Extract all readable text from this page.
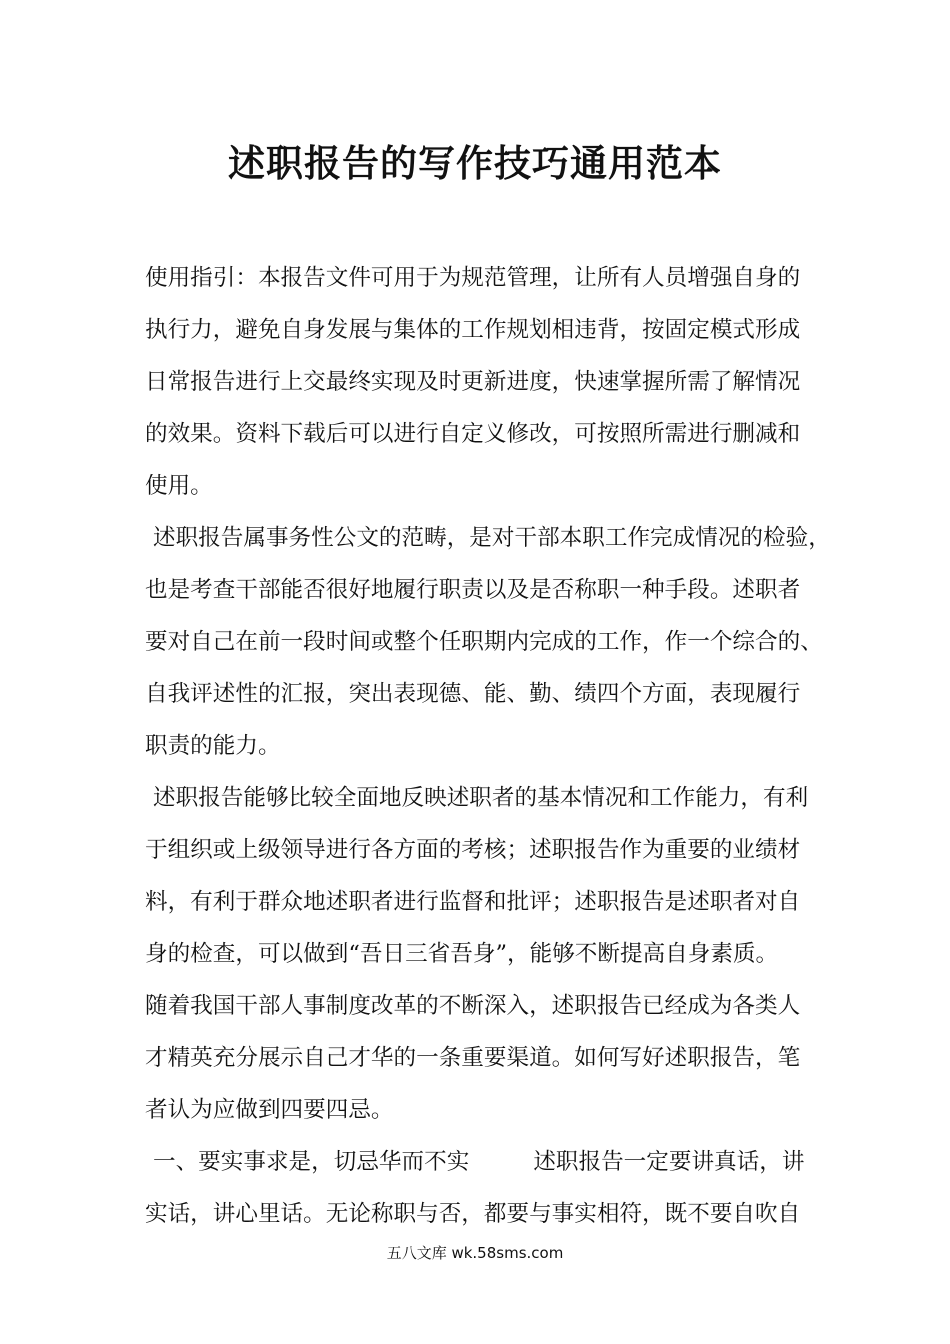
述职报告的写作技巧通用范本
使用指引：本报告文件可用于为规范管理，让所有人员增强自身的
执行力，避免自身发展与集体的工作规划相违背，按固定模式形成
日常报告进行上交最终实现及时更新进度，快速掌握所需了解情况
的效果。资料下载后可以进行自定义修改，可按照所需进行删减和
使用。
述职报告属事务性公文的范畴，是对干部本职工作完成情况的检验，
也是考查干部能否很好地履行职责以及是否称职一种手段。述职者
要对自己在前一段时间或整个任职期内完成的工作，作一个综合的、
自我评述性的汇报，突出表现德、能、勤、绩四个方面，表现履行
职责的能力。
述职报告能够比较全面地反映述职者的基本情况和工作能力，有利
于组织或上级领导进行各方面的考核；述职报告作为重要的业绩材
料，有利于群众地述职者进行监督和批评；述职报告是述职者对自
身的检查，可以做到“吾日三省吾身”，能够不断提高自身素质。
随着我国干部人事制度改革的不断深入，述职报告已经成为各类人
才精英充分展示自己才华的一条重要渠道。如何写好述职报告，笔
者认为应做到四要四忌。
一、要实事求是，切忌华而不实	述职报告一定要讲真话，讲
实话，讲心里话。无论称职与否，都要与事实相符，既不要自吹自
五八文库 wk.58sms.com
